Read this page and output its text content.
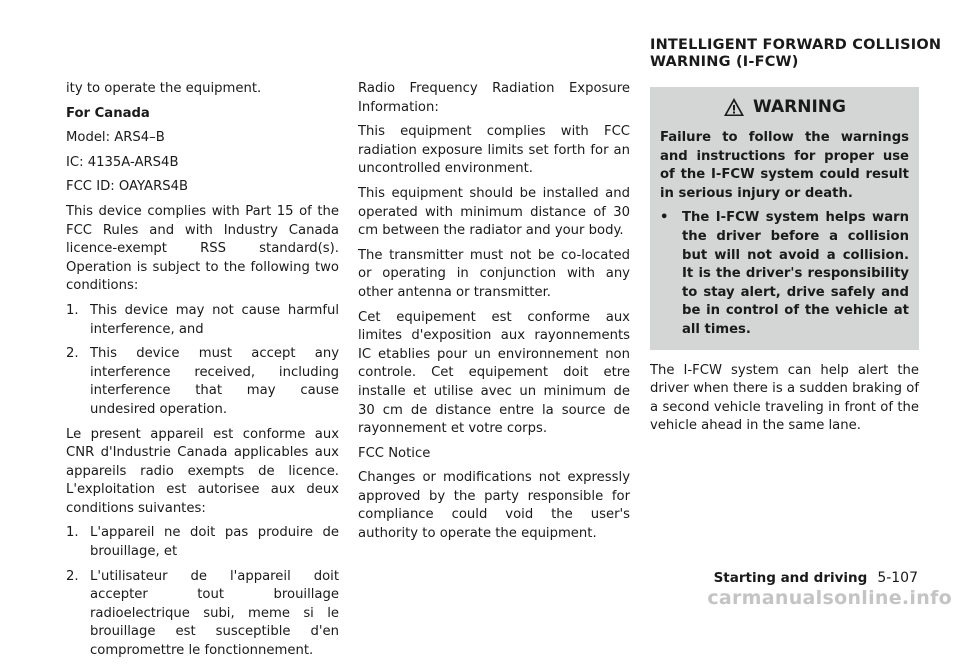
ity to operate the equipment.

For Canada

Model: ARS4–B

IC: 4135A-ARS4B

FCC ID: OAYARS4B

This device complies with Part 15 of the FCC Rules and with Industry Canada licence-exempt RSS standard(s). Operation is subject to the following two conditions:

1. This device may not cause harmful interference, and
2. This device must accept any interference received, including interference that may cause undesired operation.

Le present appareil est conforme aux CNR d'Industrie Canada applicables aux appareils radio exempts de licence. L'exploitation est autorisee aux deux conditions suivantes:

1. L'appareil ne doit pas produire de brouillage, et
2. L'utilisateur de l'appareil doit accepter tout brouillage radioelectrique subi, meme si le brouillage est susceptible d'en compromettre le fonctionnement.

Radio Frequency Radiation Exposure Information:

This equipment complies with FCC radiation exposure limits set forth for an uncontrolled environment.

This equipment should be installed and operated with minimum distance of 30 cm between the radiator and your body.

The transmitter must not be co-located or operating in conjunction with any other antenna or transmitter.

Cet equipement est conforme aux limites d'exposition aux rayonnements IC etablies pour un environnement non controle. Cet equipement doit etre installe et utilise avec un minimum de 30 cm de distance entre la source de rayonnement et votre corps.

FCC Notice

Changes or modifications not expressly approved by the party responsible for compliance could void the user's authority to operate the equipment.

INTELLIGENT FORWARD COLLISION
WARNING (I-FCW)
WARNING

Failure to follow the warnings and instructions for proper use of the I-FCW system could result in serious injury or death.

•	The I-FCW system helps warn the driver before a collision but will not avoid a collision. It is the driver's responsibility to stay alert, drive safely and be in control of the vehicle at all times.

The I-FCW system can help alert the driver when there is a sudden braking of a second vehicle traveling in front of the vehicle ahead in the same lane.

Starting and driving 5-107
carmanualsonline.info
